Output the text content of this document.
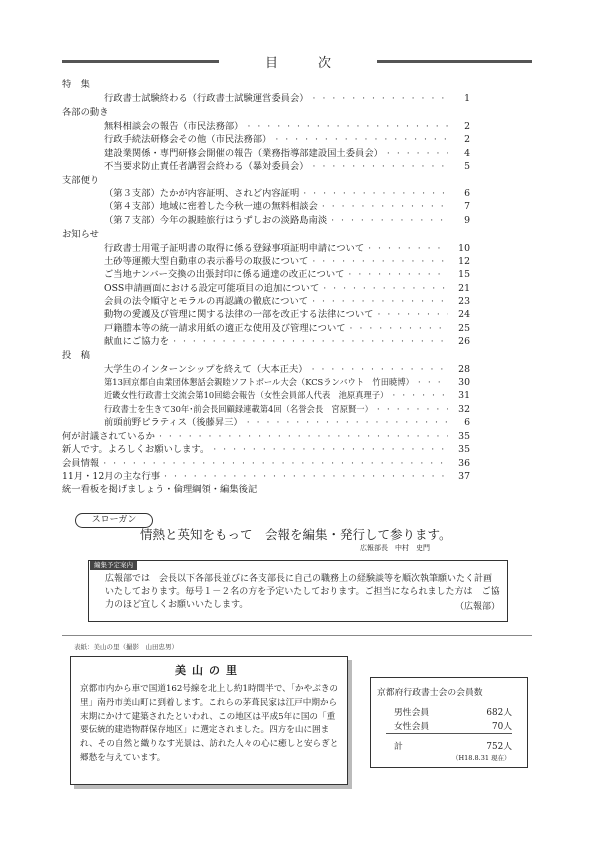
目次
特　集
行政書士試験終わる（行政書士試験運営委員会） · · ·	1
各部の動き
無料相談会の報告（市民法務部） · · ·	2
行政手続法研修会その他（市民法務部） · · ·	2
建設業関係・専門研修会開催の報告（業務指導部建設国土委員会） · · ·	4
不当要求防止責任者講習会終わる（暴対委員会） · · ·	5
支部便り
（第３支部）たかが内容証明、されど内容証明 · · ·	6
（第４支部）地域に密着した今秋一連の無料相談会 · · ·	7
（第７支部）今年の親睦旅行はうずしおの淡路島南淡 · · ·	9
お知らせ
行政書士用電子証明書の取得に係る登録事項証明申請について · · ·	10
土砂等運搬大型自動車の表示番号の取扱について · · ·	12
ご当地ナンバー交換の出張封印に係る通達の改正について · · ·	15
OSS申請画面における設定可能項目の追加について · · ·	21
会員の法令順守とモラルの再認識の徹底について · · ·	23
動物の愛護及び管理に関する法律の一部を改正する法律について · · ·	24
戸籍謄本等の統一請求用紙の適正な使用及び管理について · · ·	25
献血にご協力を · · ·	26
投　稿
大学生のインターンシップを終えて（大本正夫） · · ·	28
第13回京都自由業団体懇話会親睦ソフトボール大会（KCSランバウト　竹田暁博） · · ·	30
近畿女性行政書士交流会第10回総会報告（女性会員部人代表　池原真理子） · · ·	31
行政書士を生きて30年･前会長回顧録連載第4回（名誉会長　宮原賢一） · · ·	32
前頭前野ピラティス（後藤昇三） · · ·	6
何が討議されているか · · ·	35
新人です。よろしくお願いします。 · · ·	35
会員情報 · · ·	36
11月・12月の主な行事 · · ·	37
統一看板を掲げましょう・倫理綱領・編集後記
スローガン
情熱と英知をもって　会報を編集・発行して参ります。
広報部長　中村　史門
編集予定案内
広報部では　会長以下各部長並びに各支部長に自己の職務上の経験談等を順次執筆願いたく計画いたしております。毎号１－２名の方を予定いたしております。ご担当になられました方は　ご協力のほど宜しくお願いいたします。	（広報部）
表紙：美山の里（撮影　山田忠男）
美山の里
京都市内から車で国道162号線を北上し約1時間半で、「かやぶきの里」南丹市美山町に到着します。これらの茅葺民家は江戸中期から末期にかけて建築されたといわれ、この地区は平成5年に国の「重要伝統的建造物群保存地区」に選定されました。四方を山に囲まれ、その自然と織りなす光景は、訪れた人々の心に癒しと安らぎと郷愁を与えています。
京都府行政書士会の会員数
男性会員	682人
女性会員	70人
計	752人
（H18.8.31 現在）
